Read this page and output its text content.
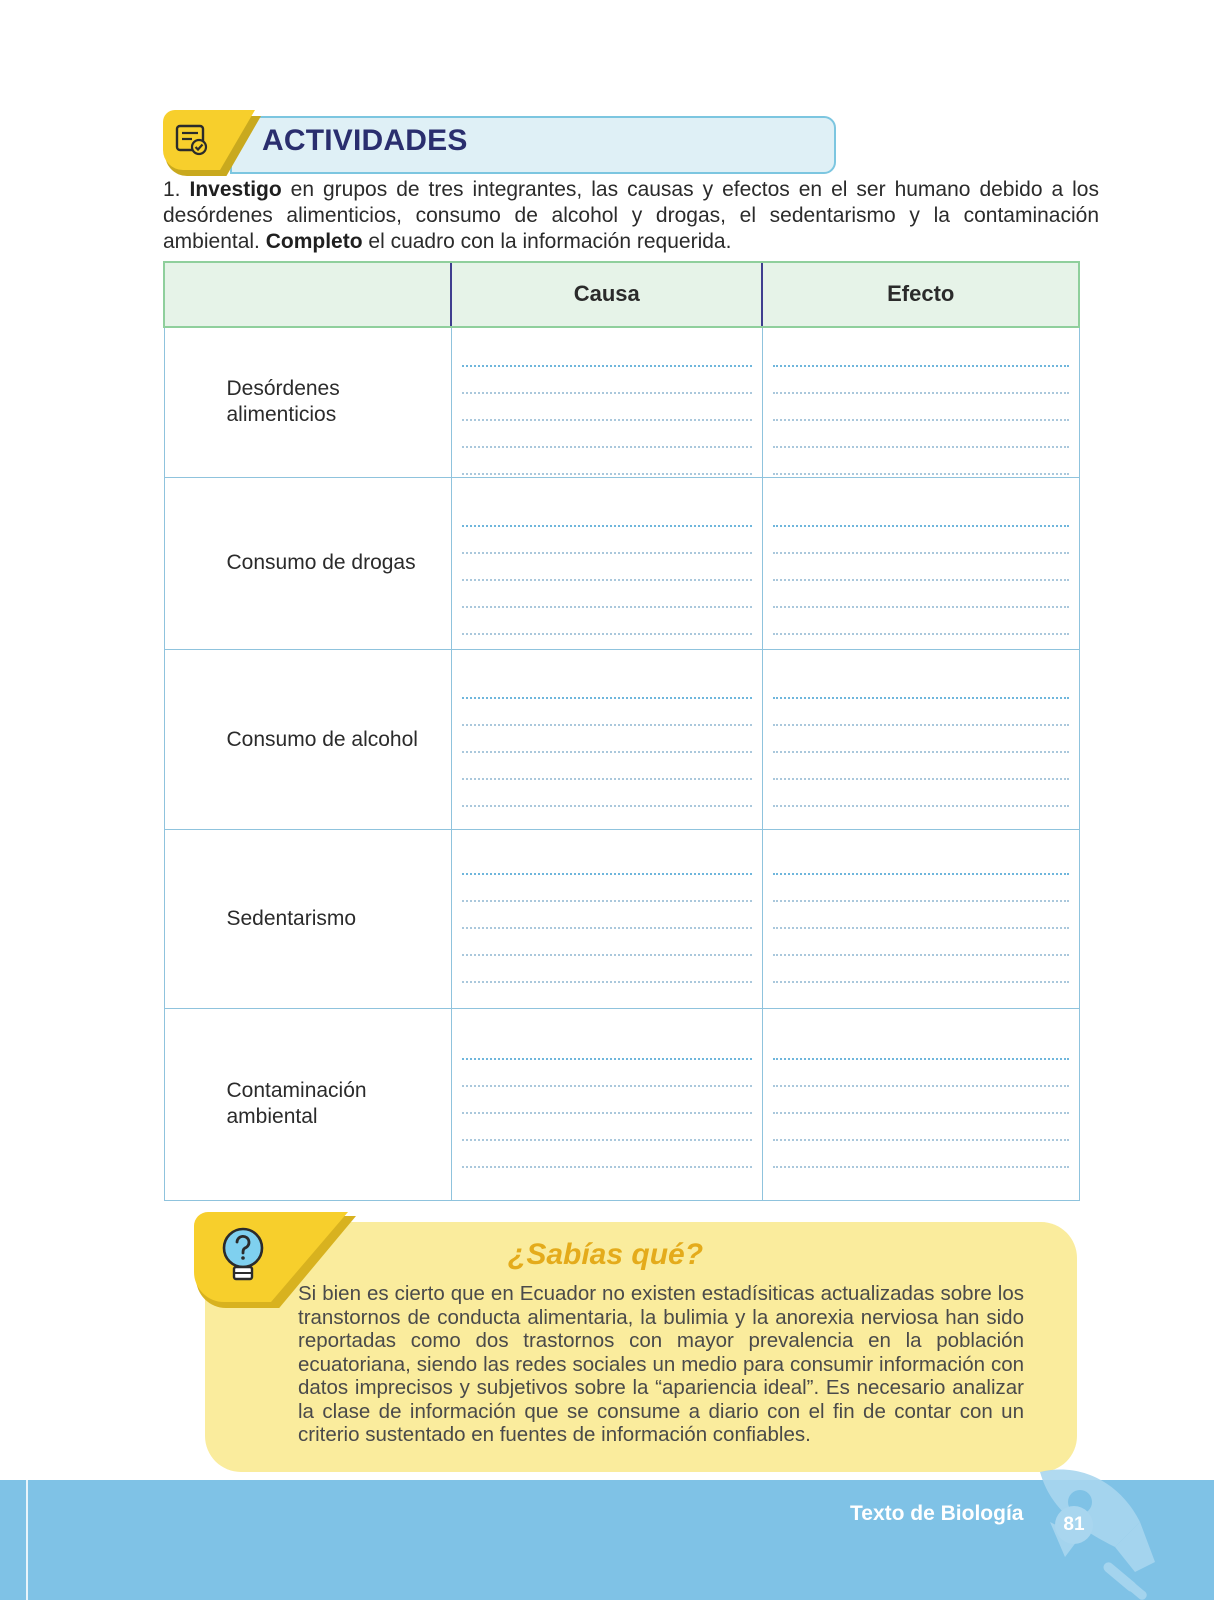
ACTIVIDADES
1. Investigo en grupos de tres integrantes, las causas y efectos en el ser humano debido a los desórdenes alimenticios, consumo de alcohol y drogas, el sedentarismo y la contaminación ambiental. Completo el cuadro con la información requerida.
	Causa	Efecto
Desórdenes alimenticios	

Consumo de drogas	

Consumo de alcohol	

Sedentarismo	

Contaminación ambiental	

¿Sabías qué?
Si bien es cierto que en Ecuador no existen estadísiticas actualizadas sobre los transtornos de conducta alimentaria, la bulimia y la anorexia nerviosa han sido reportadas como dos trastornos con mayor prevalencia en la población ecuatoriana, siendo las redes sociales un medio para consumir información con datos imprecisos y subjetivos sobre la “apariencia ideal”. Es necesario analizar la clase de información que se consume a diario con el fin de contar con un criterio sustentado en fuentes de información confiables.
Texto de Biología	81
